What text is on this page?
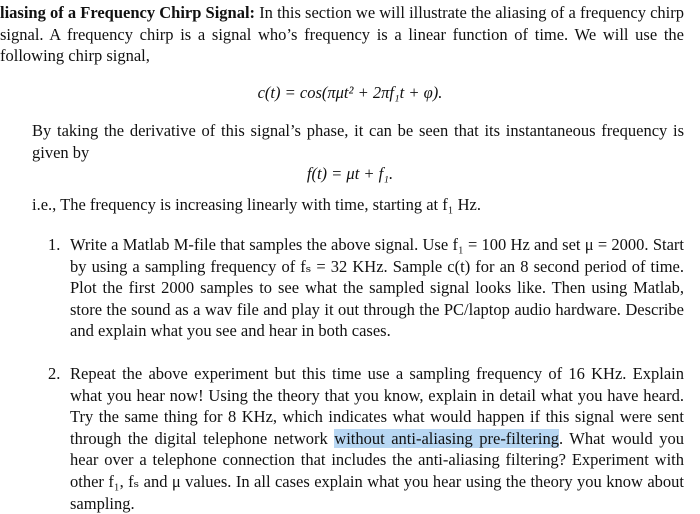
liasing of a Frequency Chirp Signal: In this section we will illustrate the aliasing of a frequency chirp signal. A frequency chirp is a signal who’s frequency is a linear function of time. We will use the following chirp signal,
c(t) = cos(πμt² + 2πf₁t + φ).
By taking the derivative of this signal’s phase, it can be seen that its instantaneous frequency is given by
f(t) = μt + f₁.
i.e., The frequency is increasing linearly with time, starting at f₁ Hz.
1. Write a Matlab M-file that samples the above signal. Use f₁ = 100 Hz and set μ = 2000. Start by using a sampling frequency of fₛ = 32 KHz. Sample c(t) for an 8 second period of time. Plot the first 2000 samples to see what the sampled signal looks like. Then using Matlab, store the sound as a wav file and play it out through the PC/laptop audio hardware. Describe and explain what you see and hear in both cases.
2. Repeat the above experiment but this time use a sampling frequency of 16 KHz. Explain what you hear now! Using the theory that you know, explain in detail what you have heard. Try the same thing for 8 KHz, which indicates what would happen if this signal were sent through the digital telephone network without anti-aliasing pre-filtering. What would you hear over a telephone connection that includes the anti-aliasing filtering? Experiment with other f₁, fₛ and μ values. In all cases explain what you hear using the theory you know about sampling.
